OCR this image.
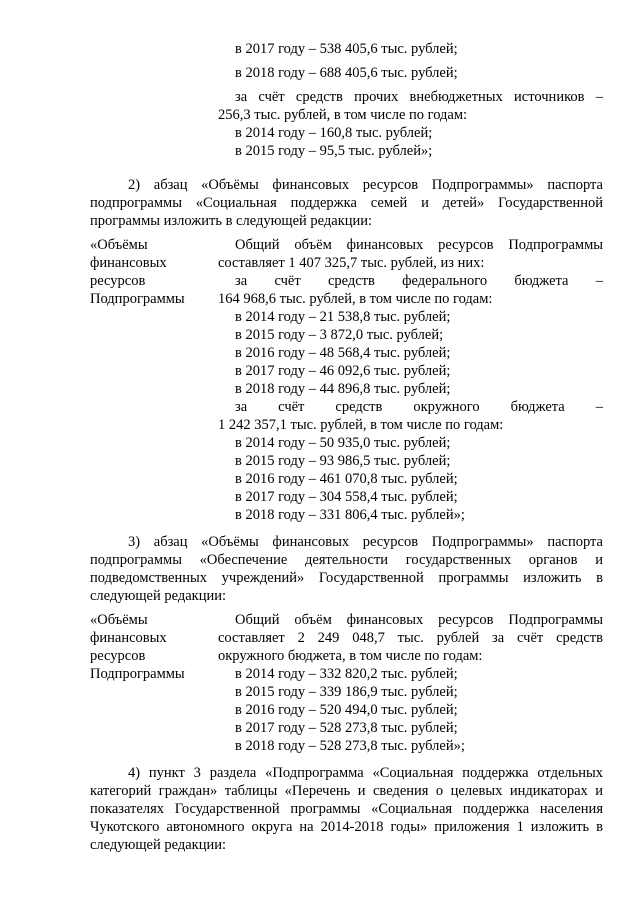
в 2017 году – 538 405,6 тыс. рублей;
в 2018 году – 688 405,6 тыс. рублей;
за счёт средств прочих внебюджетных источников –
256,3 тыс. рублей, в том числе по годам:
в 2014 году – 160,8 тыс. рублей;
в 2015 году – 95,5 тыс. рублей»;
2) абзац «Объёмы финансовых ресурсов Подпрограммы» паспорта
подпрограммы «Социальная поддержка семей и детей» Государственной
программы изложить в следующей редакции:
«Объёмы
финансовых
ресурсов
Подпрограммы
Общий объём финансовых ресурсов Подпрограммы
составляет 1 407 325,7 тыс. рублей, из них:
за счёт средств федерального бюджета –
164 968,6 тыс. рублей, в том числе по годам:
в 2014 году – 21 538,8 тыс. рублей;
в 2015 году – 3 872,0 тыс. рублей;
в 2016 году – 48 568,4 тыс. рублей;
в 2017 году – 46 092,6 тыс. рублей;
в 2018 году – 44 896,8 тыс. рублей;
за счёт средств окружного бюджета –
1 242 357,1 тыс. рублей, в том числе по годам:
в 2014 году – 50 935,0 тыс. рублей;
в 2015 году – 93 986,5 тыс. рублей;
в 2016 году – 461 070,8 тыс. рублей;
в 2017 году – 304 558,4 тыс. рублей;
в 2018 году – 331 806,4 тыс. рублей»;
3) абзац «Объёмы финансовых ресурсов Подпрограммы» паспорта
подпрограммы «Обеспечение деятельности государственных органов и
подведомственных учреждений» Государственной программы изложить в
следующей редакции:
«Объёмы
финансовых
ресурсов
Подпрограммы
Общий объём финансовых ресурсов Подпрограммы
составляет 2 249 048,7 тыс. рублей за счёт средств
окружного бюджета, в том числе по годам:
в 2014 году – 332 820,2 тыс. рублей;
в 2015 году – 339 186,9 тыс. рублей;
в 2016 году – 520 494,0 тыс. рублей;
в 2017 году – 528 273,8 тыс. рублей;
в 2018 году – 528 273,8 тыс. рублей»;
4) пункт 3 раздела «Подпрограмма «Социальная поддержка отдельных
категорий граждан» таблицы «Перечень и сведения о целевых индикаторах и
показателях Государственной программы «Социальная поддержка населения
Чукотского автономного округа на 2014-2018 годы» приложения 1 изложить в
следующей редакции:
